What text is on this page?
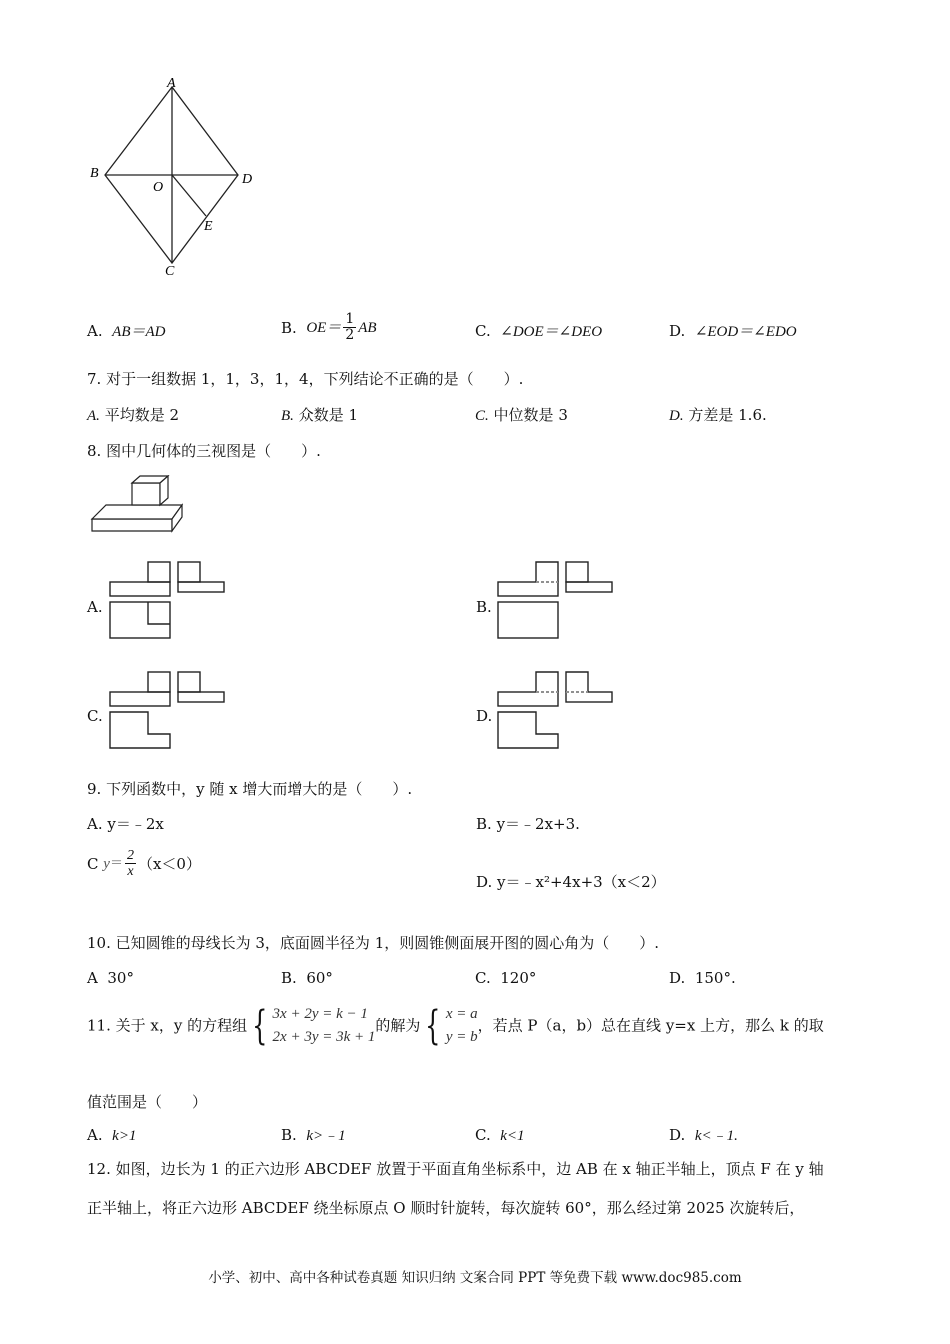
A
B
O
D
E
C
A. AB＝AD	B. $OE= \frac{1}{2}$ AB	C. ∠DOE＝∠DEO	D. ∠EOD＝∠EDO
7. 对于一组数据 1，1，3，1，4，下列结论不正确的是（　　）.
A. 平均数是 2	B. 众数是 1	C. 中位数是 3	D. 方差是 1.6.
8. 图中几何体的三视图是（　　）.
A.	B.
C.	D.
9. 下列函数中，y 随 x 增大而增大的是（　　）.
A. y＝﹣2x	B. y＝﹣2x+3.
C $y= \frac{2}{x} (x<0)$
D. y＝﹣x²+4x+3（x＜2）
10. 已知圆锥的母线长为 3，底面圆半径为 1，则圆锥侧面展开图的圆心角为（　　）.
A 30°	B. 60°	C. 120°	D. 150°.
11. 关于 x，y 的方程组 { 3x + 2y = k − 1
2x + 3y = 3k + 1
的解为 { x = a
y = b
，若点 P（a，b）总在直线 y=x 上方，那么 k 的取
值范围是（　　）
A. k>1	B. k>﹣1	C. k<1	D. k<﹣1.
12. 如图，边长为 1 的正六边形 ABCDEF 放置于平面直角坐标系中，边 AB 在 x 轴正半轴上，顶点 F 在 y 轴
正半轴上，将正六边形 ABCDEF 绕坐标原点 O 顺时针旋转，每次旋转 60°，那么经过第 2025 次旋转后，
小学、初中、高中各种试卷真题 知识归纳 文案合同 PPT 等免费下载 www.doc985.com
